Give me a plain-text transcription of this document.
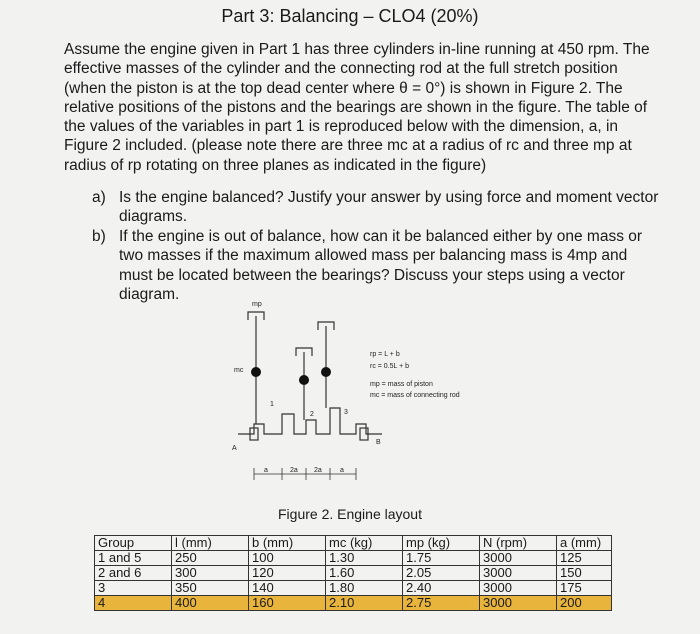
Part 3: Balancing – CLO4 (20%)
Assume the engine given in Part 1 has three cylinders in-line running at 450 rpm. The effective masses of the cylinder and the connecting rod at the full stretch position (when the piston is at the top dead center where θ = 0°) is shown in Figure 2. The relative positions of the pistons and the bearings are shown in the figure. The table of the values of the variables in part 1 is reproduced below with the dimension, a, in Figure 2 included. (please note there are three mc at a radius of rc and three mp at radius of rp rotating on three planes as indicated in the figure)
a) Is the engine balanced? Justify your answer by using force and moment vector diagrams.
b) If the engine is out of balance, how can it be balanced either by one mass or two masses if the maximum allowed mass per balancing mass is 4mp and must be located between the bearings? Discuss your steps using a vector diagram.
mp
mc
A
B
1
2	3
a	2a 2a	a
rp = L + b
rc = 0.5L + b
mp = mass of piston
mc = mass of connecting rod
Figure 2. Engine layout
Group	l (mm)	b (mm)	mc (kg)	mp (kg)	N (rpm)	a (mm)
1 and 5	250	100	1.30	1.75	3000	125
2 and 6	300	120	1.60	2.05	3000	150
3	350	140	1.80	2.40	3000	175
4	400	160	2.10	2.75	3000	200
